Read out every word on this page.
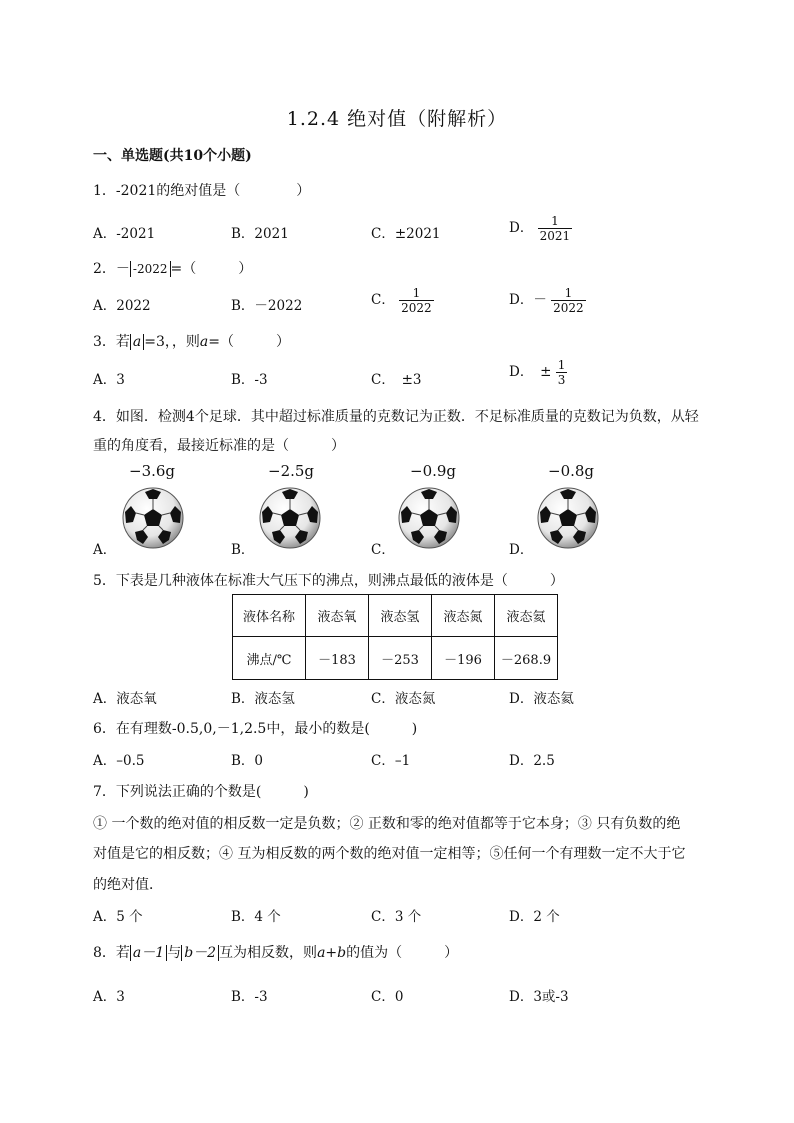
1.2.4 绝对值（附解析）
一、单选题(共10个小题)
1．-2021的绝对值是（　　　　）
A．-2021	B．2021	C．±2021	D． $\frac{1}{2021}$
2．－ -2022 =（　　　）
A．2022	B．－2022	C． $\frac{1}{2022}$	D．－ $\frac{1}{2022}$
3．若 a =3，，则a=（　　　）
A．3	B．-3	C．　±3	D．　± $\frac{1}{3}$
4．如图．检测4个足球．其中超过标准质量的克数记为正数．不足标准质量的克数记为负数，从轻
重的角度看，最接近标准的是（　　　）
−3.6g	−2.5g	−0.9g	−0.8g
A．	B．	C．	D．
5．下表是几种液体在标准大气压下的沸点，则沸点最低的液体是（　　　）
液体名称	液态氧	液态氢	液态氮	液态氦
沸点/℃	－183	－253	－196	－268.9
A．液态氧	B．液态氢	C．液态氮	D．液态氦
6．在有理数-0.5,0,－1,2.5中，最小的数是(　　　)
A．–0.5	B．0	C．–1	D．2.5
7．下列说法正确的个数是(　　　)
① 一个数的绝对值的相反数一定是负数；② 正数和零的绝对值都等于它本身；③ 只有负数的绝
对值是它的相反数；④ 互为相反数的两个数的绝对值一定相等；⑤任何一个有理数一定不大于它
的绝对值．
A．5 个	B．4 个	C．3 个	D．2 个
8．若 a－1 与 b－2 互为相反数，则a+b的值为（　　　）
A．3	B．-3	C．0	D．3或-3
